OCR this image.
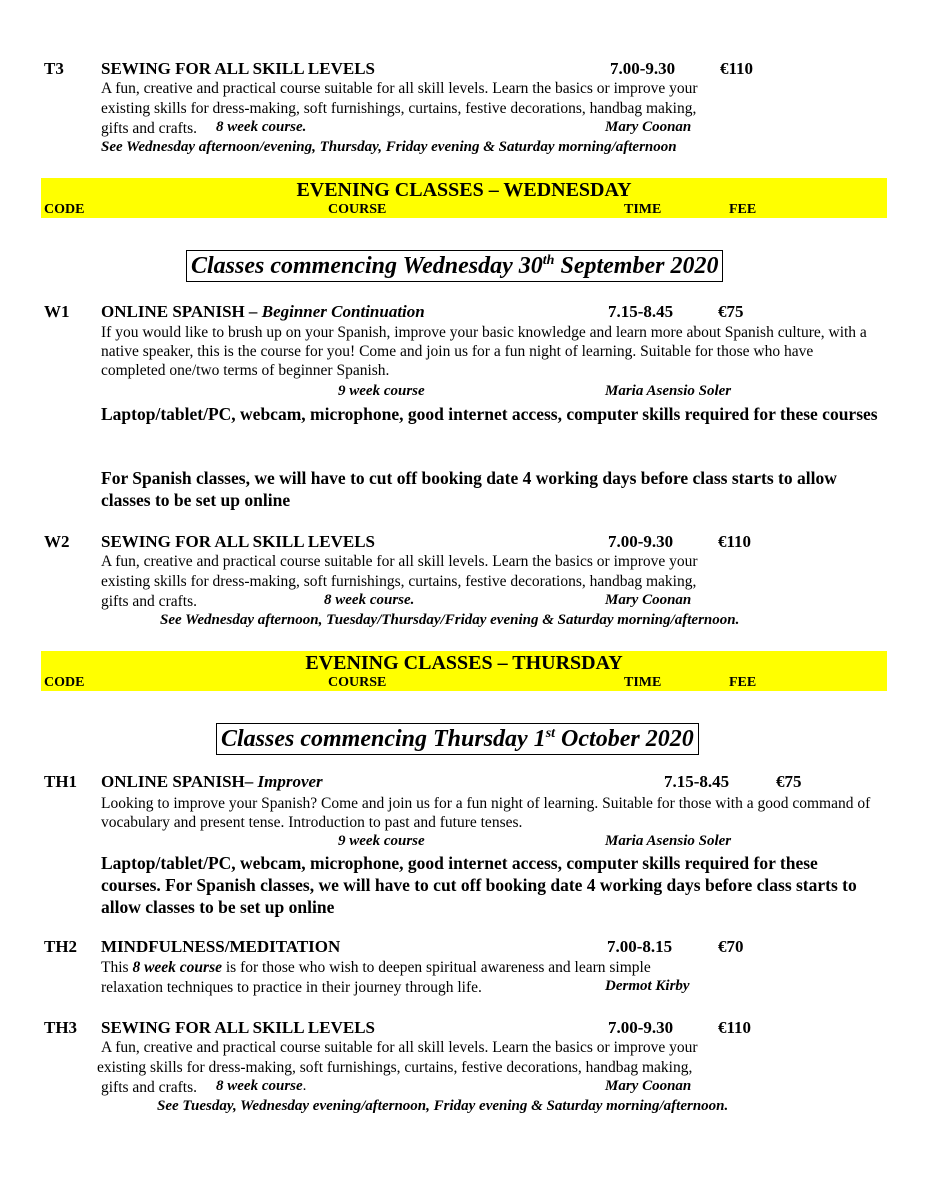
T3 SEWING FOR ALL SKILL LEVELS	7.00-9.30	€110
A fun, creative and practical course suitable for all skill levels. Learn the basics or improve your
existing skills for dress-making, soft furnishings, curtains, festive decorations, handbag making,
gifts and crafts. 8 week course.	Mary Coonan
See Wednesday afternoon/evening, Thursday, Friday evening & Saturday morning/afternoon
EVENING CLASSES – WEDNESDAY
CODE	COURSE	TIME	FEE
Classes commencing Wednesday 30th September 2020
W1 ONLINE SPANISH – Beginner Continuation	7.15-8.45	€75
If you would like to brush up on your Spanish, improve your basic knowledge and learn more about Spanish culture, with a native speaker, this is the course for you! Come and join us for a fun night of learning. Suitable for those who have completed one/two terms of beginner Spanish.
9 week course	Maria Asensio Soler
Laptop/tablet/PC, webcam, microphone, good internet access, computer skills required for these courses
For Spanish classes, we will have to cut off booking date 4 working days before class starts to allow classes to be set up online
W2 SEWING FOR ALL SKILL LEVELS	7.00-9.30	€110
A fun, creative and practical course suitable for all skill levels. Learn the basics or improve your
existing skills for dress-making, soft furnishings, curtains, festive decorations, handbag making,
gifts and crafts.	8 week course.	Mary Coonan
See Wednesday afternoon, Tuesday/Thursday/Friday evening & Saturday morning/afternoon.
EVENING CLASSES – THURSDAY
CODE	COURSE	TIME	FEE
Classes commencing Thursday 1st October 2020
TH1 ONLINE SPANISH– Improver	7.15-8.45	€75
Looking to improve your Spanish? Come and join us for a fun night of learning. Suitable for those with a good command of vocabulary and present tense. Introduction to past and future tenses.
9 week course	Maria Asensio Soler
Laptop/tablet/PC, webcam, microphone, good internet access, computer skills required for these courses. For Spanish classes, we will have to cut off booking date 4 working days before class starts to allow classes to be set up online
TH2 MINDFULNESS/MEDITATION	7.00-8.15	€70
This 8 week course is for those who wish to deepen spiritual awareness and learn simple
relaxation techniques to practice in their journey through life.	Dermot Kirby
TH3 SEWING FOR ALL SKILL LEVELS	7.00-9.30	€110
A fun, creative and practical course suitable for all skill levels. Learn the basics or improve your
existing skills for dress-making, soft furnishings, curtains, festive decorations, handbag making,
gifts and crafts. 8 week course.	Mary Coonan
See Tuesday, Wednesday evening/afternoon, Friday evening & Saturday morning/afternoon.
